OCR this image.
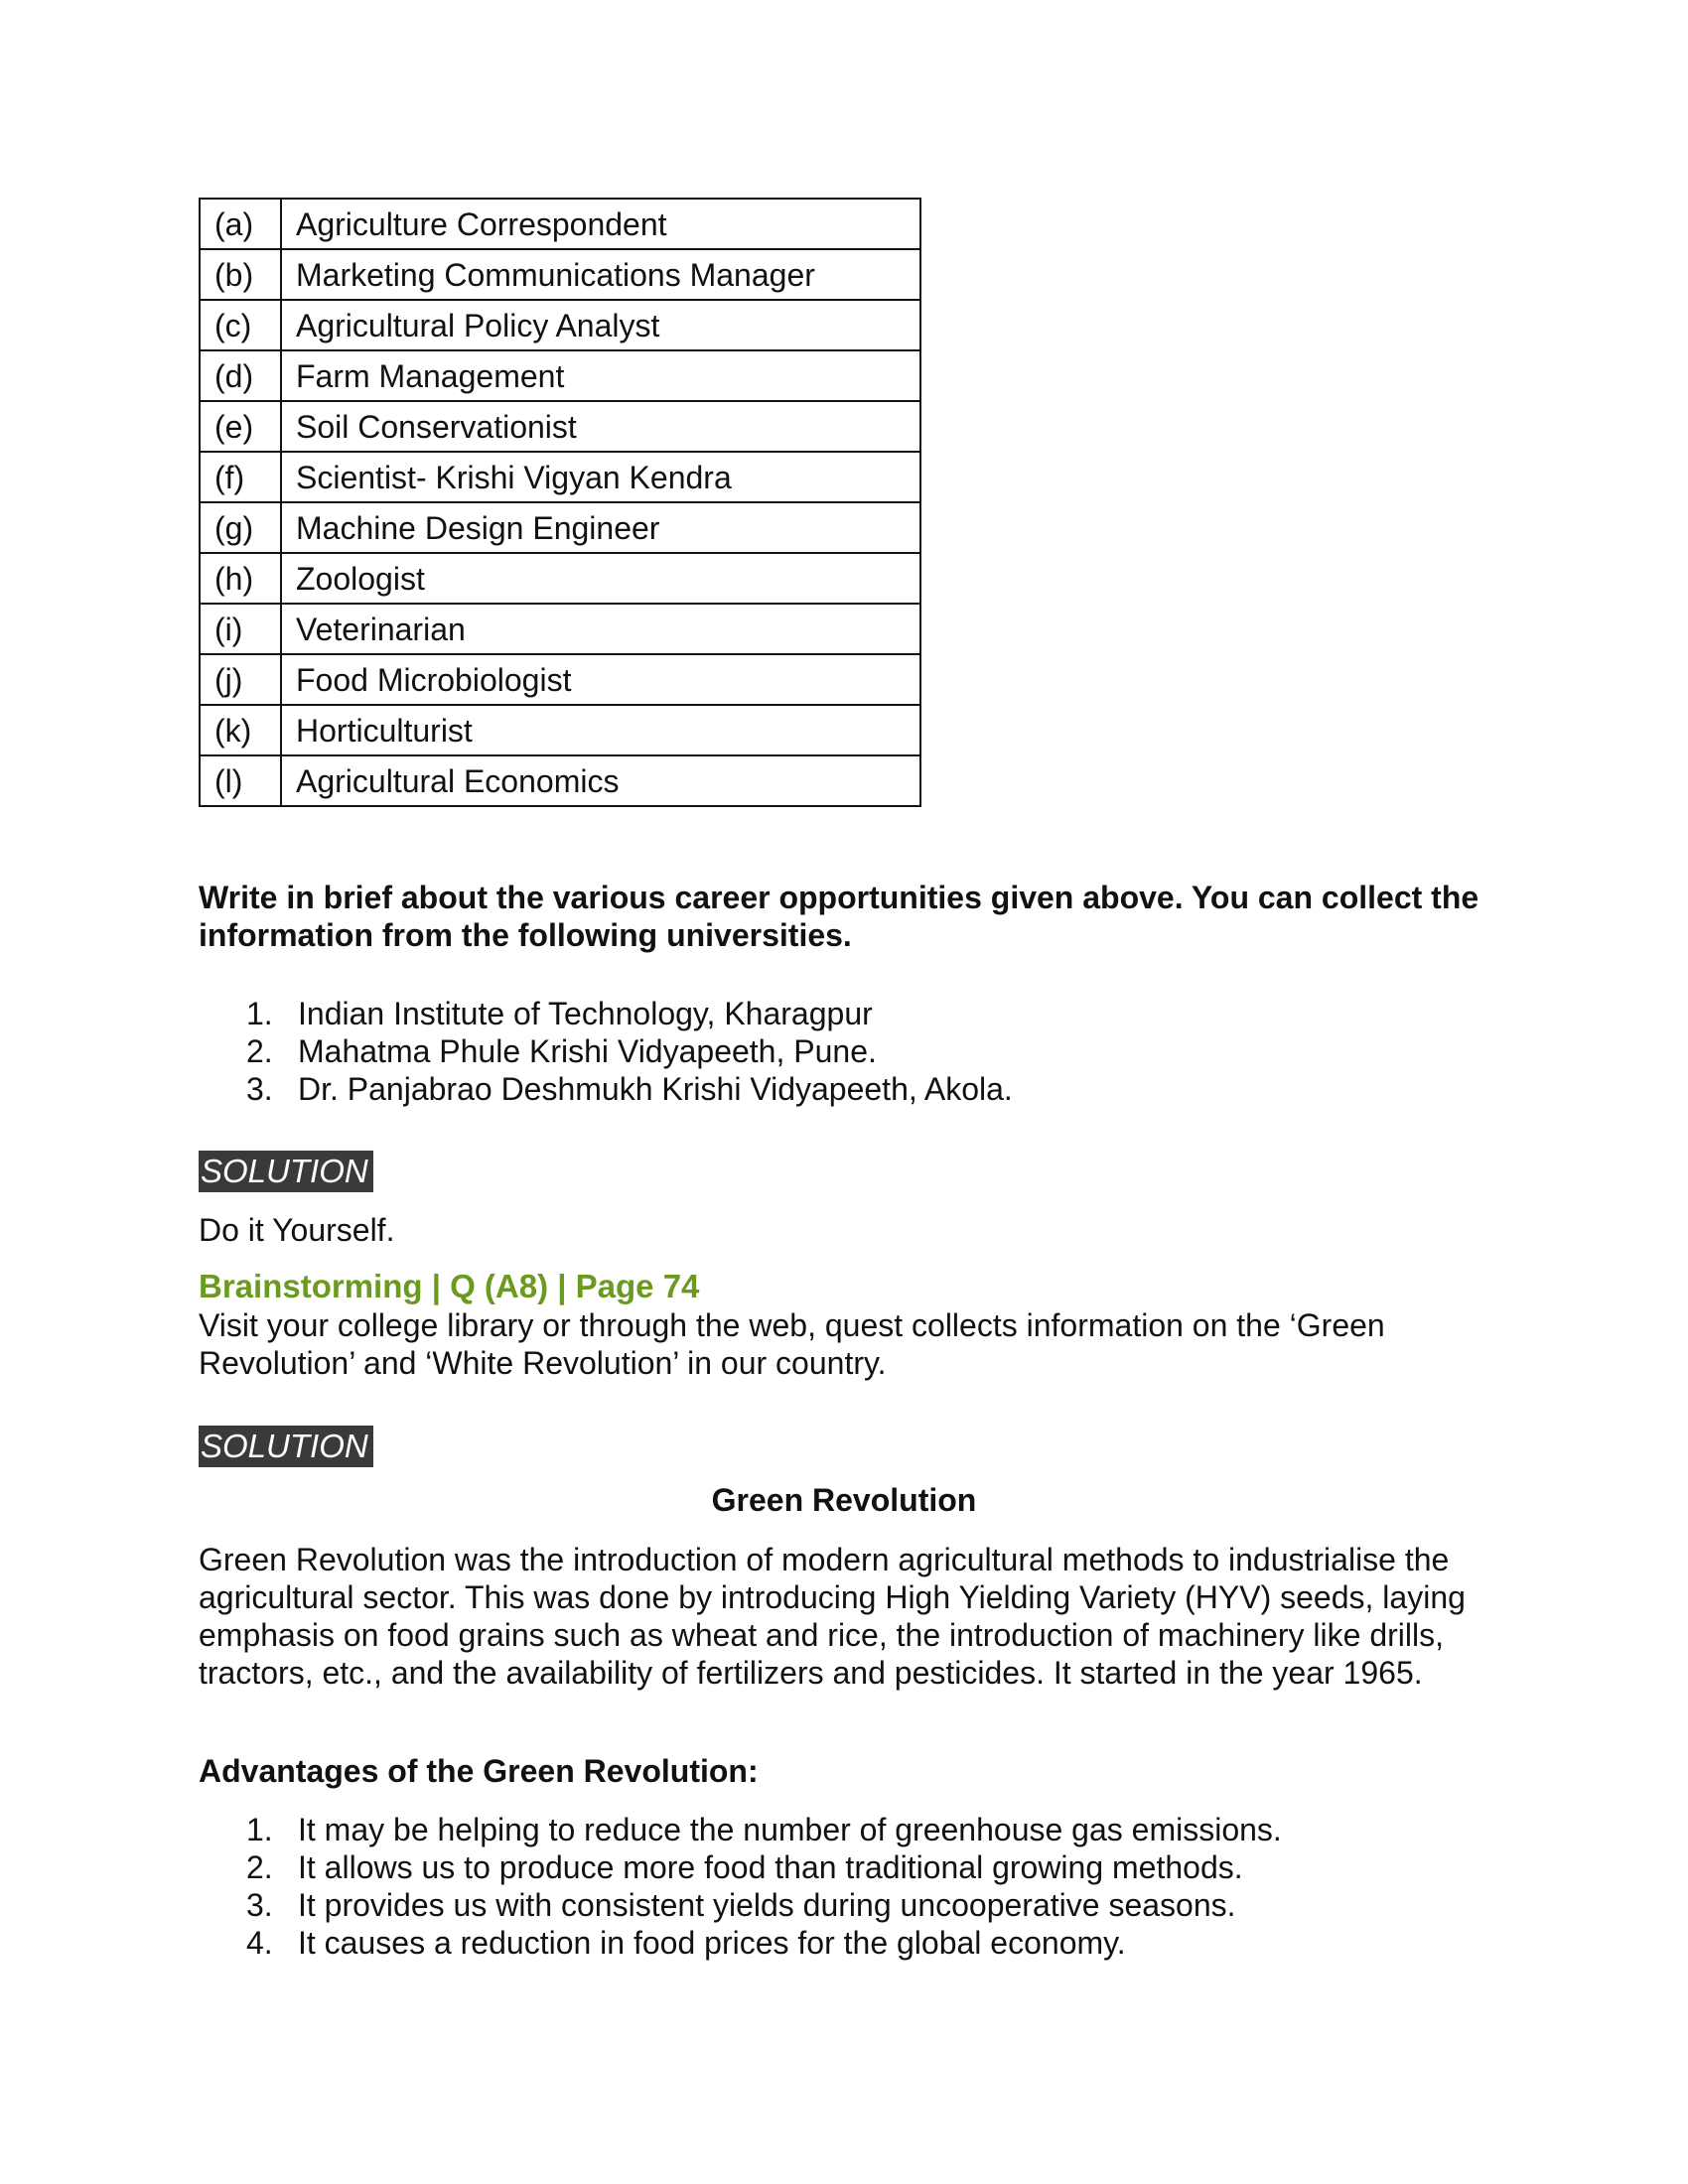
(a)	Agriculture Correspondent
(b)	Marketing Communications Manager
(c)	Agricultural Policy Analyst
(d)	Farm Management
(e)	Soil Conservationist
(f)	Scientist- Krishi Vigyan Kendra
(g)	Machine Design Engineer
(h)	Zoologist
(i)	Veterinarian
(j)	Food Microbiologist
(k)	Horticulturist
(l)	Agricultural Economics

Write in brief about the various career opportunities given above. You can collect the information from the following universities.

1. Indian Institute of Technology, Kharagpur
2. Mahatma Phule Krishi Vidyapeeth, Pune.
3. Dr. Panjabrao Deshmukh Krishi Vidyapeeth, Akola.
SOLUTION

Do it Yourself.

Brainstorming | Q (A8) | Page 74

Visit your college library or through the web, quest collects information on the ‘Green Revolution’ and ‘White Revolution’ in our country.

SOLUTION
Green Revolution

Green Revolution was the introduction of modern agricultural methods to industrialise the agricultural sector. This was done by introducing High Yielding Variety (HYV) seeds, laying emphasis on food grains such as wheat and rice, the introduction of machinery like drills, tractors, etc., and the availability of fertilizers and pesticides. It started in the year 1965.

Advantages of the Green Revolution:
1. It may be helping to reduce the number of greenhouse gas emissions.
2. It allows us to produce more food than traditional growing methods.
3. It provides us with consistent yields during uncooperative seasons.
4. It causes a reduction in food prices for the global economy.
